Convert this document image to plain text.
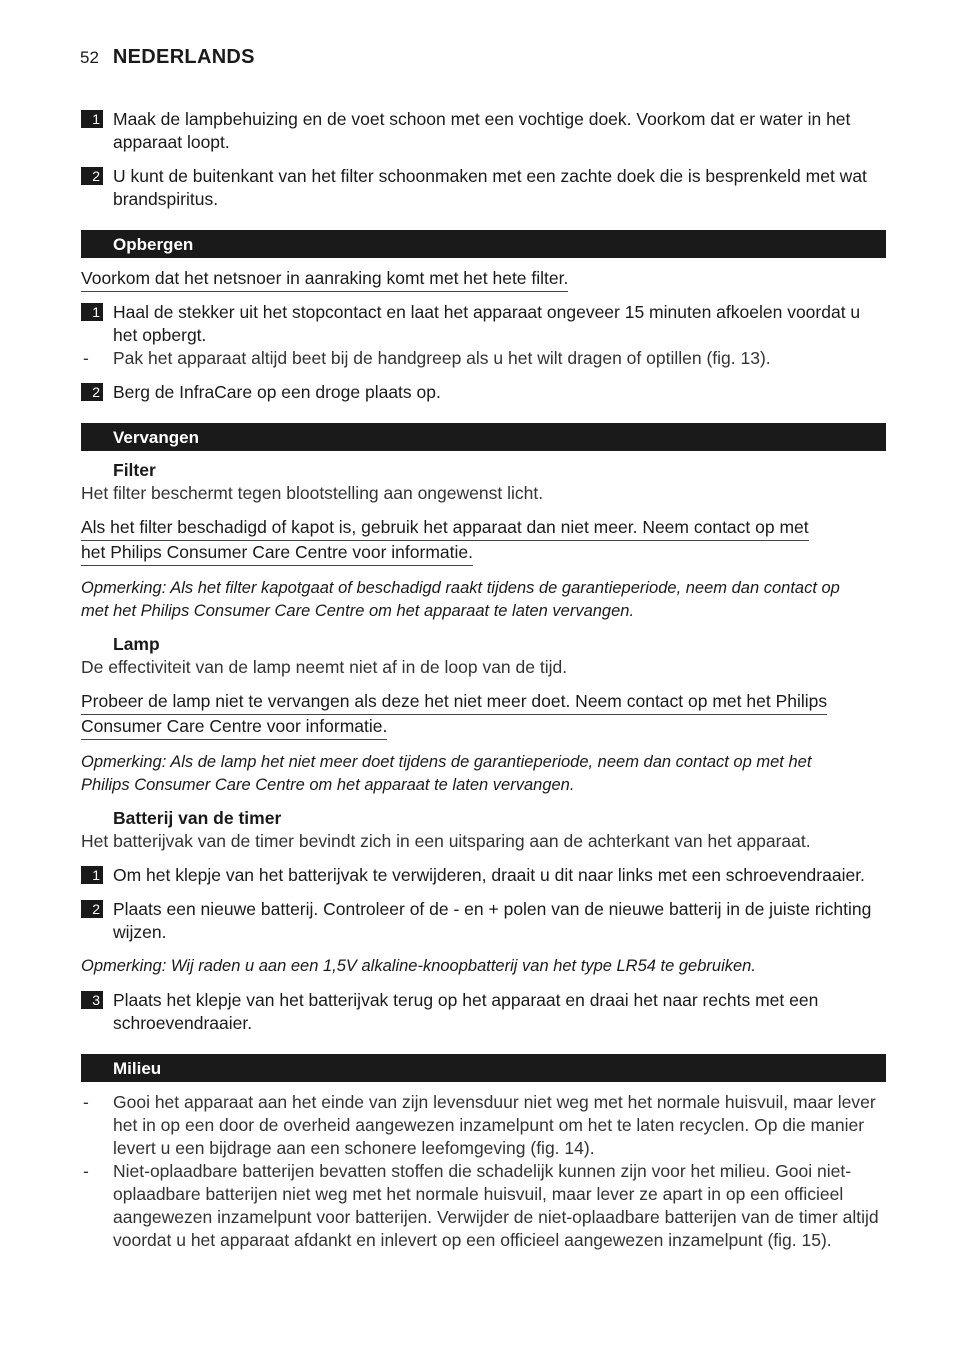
52 NEDERLANDS
1 Maak de lampbehuizing en de voet schoon met een vochtige doek. Voorkom dat er water in het apparaat loopt.
2 U kunt de buitenkant van het filter schoonmaken met een zachte doek die is besprenkeld met wat brandspiritus.
Opbergen
Voorkom dat het netsnoer in aanraking komt met het hete filter.
1 Haal de stekker uit het stopcontact en laat het apparaat ongeveer 15 minuten afkoelen voordat u het opbergt.
- Pak het apparaat altijd beet bij de handgreep als u het wilt dragen of optillen (fig. 13).
2 Berg de InfraCare op een droge plaats op.
Vervangen
Filter
Het filter beschermt tegen blootstelling aan ongewenst licht.
Als het filter beschadigd of kapot is, gebruik het apparaat dan niet meer. Neem contact op met
het Philips Consumer Care Centre voor informatie.
Opmerking: Als het filter kapotgaat of beschadigd raakt tijdens de garantieperiode, neem dan contact op
met het Philips Consumer Care Centre om het apparaat te laten vervangen.
Lamp
De effectiviteit van de lamp neemt niet af in de loop van de tijd.
Probeer de lamp niet te vervangen als deze het niet meer doet. Neem contact op met het Philips
Consumer Care Centre voor informatie.
Opmerking: Als de lamp het niet meer doet tijdens de garantieperiode, neem dan contact op met het
Philips Consumer Care Centre om het apparaat te laten vervangen.
Batterij van de timer
Het batterijvak van de timer bevindt zich in een uitsparing aan de achterkant van het apparaat.
1 Om het klepje van het batterijvak te verwijderen, draait u dit naar links met een schroevendraaier.
2 Plaats een nieuwe batterij. Controleer of de - en + polen van de nieuwe batterij in de juiste richting wijzen.
Opmerking: Wij raden u aan een 1,5V alkaline-knoopbatterij van het type LR54 te gebruiken.
3 Plaats het klepje van het batterijvak terug op het apparaat en draai het naar rechts met een schroevendraaier.
Milieu
- Gooi het apparaat aan het einde van zijn levensduur niet weg met het normale huisvuil, maar lever het in op een door de overheid aangewezen inzamelpunt om het te laten recyclen. Op die manier levert u een bijdrage aan een schonere leefomgeving (fig. 14).
- Niet-oplaadbare batterijen bevatten stoffen die schadelijk kunnen zijn voor het milieu. Gooi niet-oplaadbare batterijen niet weg met het normale huisvuil, maar lever ze apart in op een officieel aangewezen inzamelpunt voor batterijen. Verwijder de niet-oplaadbare batterijen van de timer altijd voordat u het apparaat afdankt en inlevert op een officieel aangewezen inzamelpunt (fig. 15).
